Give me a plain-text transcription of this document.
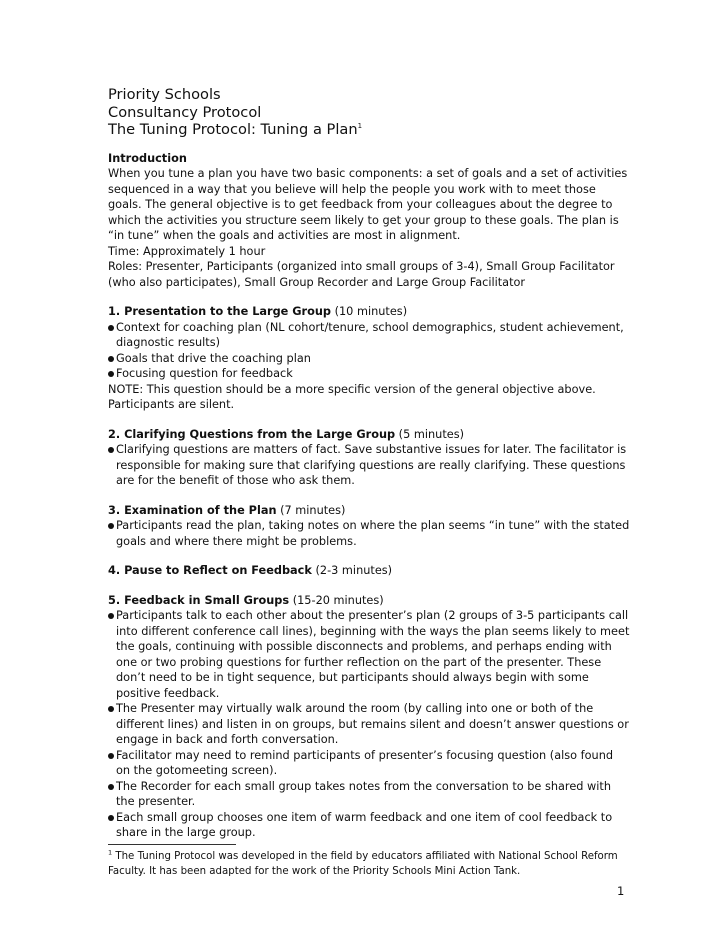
Priority Schools
Consultancy Protocol
The Tuning Protocol: Tuning a Plan$^1$
Introduction
When you tune a plan you have two basic components: a set of goals and a set of activities sequenced in a way that you believe will help the people you work with to meet those goals. The general objective is to get feedback from your colleagues about the degree to which the activities you structure seem likely to get your group to these goals. The plan is “in tune” when the goals and activities are most in alignment.
Time: Approximately 1 hour
Roles: Presenter, Participants (organized into small groups of 3-4), Small Group Facilitator (who also participates), Small Group Recorder and Large Group Facilitator
1. Presentation to the Large Group (10 minutes)
Context for coaching plan (NL cohort/tenure, school demographics, student achievement, diagnostic results)
Goals that drive the coaching plan
Focusing question for feedback
NOTE: This question should be a more specific version of the general objective above.
Participants are silent.
2. Clarifying Questions from the Large Group (5 minutes)
Clarifying questions are matters of fact. Save substantive issues for later. The facilitator is responsible for making sure that clarifying questions are really clarifying. These questions are for the benefit of those who ask them.
3. Examination of the Plan (7 minutes)
Participants read the plan, taking notes on where the plan seems “in tune” with the stated goals and where there might be problems.
4. Pause to Reflect on Feedback (2-3 minutes)
5. Feedback in Small Groups (15-20 minutes)
Participants talk to each other about the presenter’s plan (2 groups of 3-5 participants call into different conference call lines), beginning with the ways the plan seems likely to meet the goals, continuing with possible disconnects and problems, and perhaps ending with one or two probing questions for further reflection on the part of the presenter. These don’t need to be in tight sequence, but participants should always begin with some positive feedback.
The Presenter may virtually walk around the room (by calling into one or both of the different lines) and listen in on groups, but remains silent and doesn’t answer questions or engage in back and forth conversation.
Facilitator may need to remind participants of presenter’s focusing question (also found on the gotomeeting screen).
The Recorder for each small group takes notes from the conversation to be shared with the presenter.
Each small group chooses one item of warm feedback and one item of cool feedback to share in the large group.
$^1$ The Tuning Protocol was developed in the field by educators affiliated with National School Reform Faculty. It has been adapted for the work of the Priority Schools Mini Action Tank.
1
